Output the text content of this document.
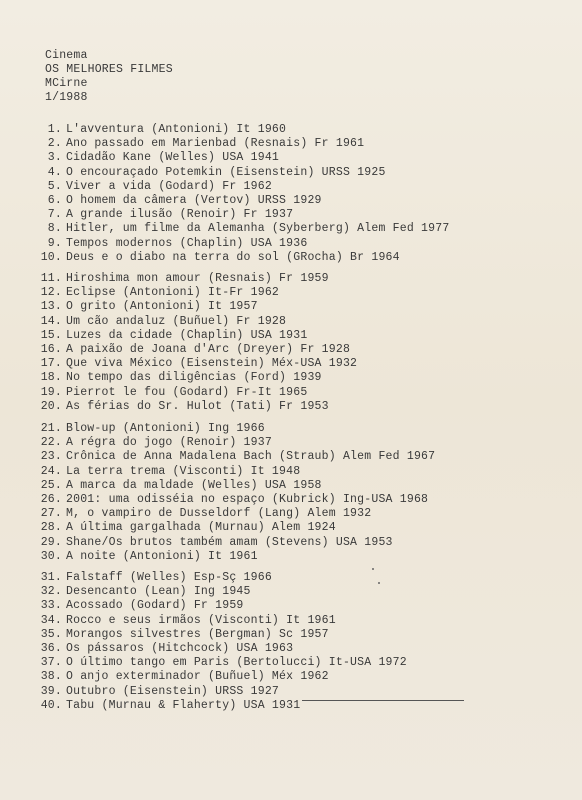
Cinema
OS MELHORES FILMES
MCirne
1/1988
1. L'avventura (Antonioni) It 1960
2. Ano passado em Marienbad (Resnais) Fr 1961
3. Cidadão Kane (Welles) USA 1941
4. O encouraçado Potemkin (Eisenstein) URSS 1925
5. Viver a vida (Godard) Fr 1962
6. O homem da câmera (Vertov) URSS 1929
7. A grande ilusão (Renoir) Fr 1937
8. Hitler, um filme da Alemanha (Syberberg) Alem Fed 1977
9. Tempos modernos (Chaplin) USA 1936
10. Deus e o diabo na terra do sol (GRocha) Br 1964
11. Hiroshima mon amour (Resnais) Fr 1959
12. Eclipse (Antonioni) It-Fr 1962
13. O grito (Antonioni) It 1957
14. Um cão andaluz (Buñuel) Fr 1928
15. Luzes da cidade (Chaplin) USA 1931
16. A paixão de Joana d'Arc (Dreyer) Fr 1928
17. Que viva México (Eisenstein) Méx-USA 1932
18. No tempo das diligências (Ford) 1939
19. Pierrot le fou (Godard) Fr-It 1965
20. As férias do Sr. Hulot (Tati) Fr 1953
21. Blow-up (Antonioni) Ing 1966
22. A régra do jogo (Renoir) 1937
23. Crônica de Anna Madalena Bach (Straub) Alem Fed 1967
24. La terra trema (Visconti) It 1948
25. A marca da maldade (Welles) USA 1958
26. 2001: uma odisséia no espaço (Kubrick) Ing-USA 1968
27. M, o vampiro de Dusseldorf (Lang) Alem 1932
28. A última gargalhada (Murnau) Alem 1924
29. Shane/Os brutos também amam (Stevens) USA 1953
30. A noite (Antonioni) It 1961
31. Falstaff (Welles) Esp-Sç 1966
32. Desencanto (Lean) Ing 1945
33. Acossado (Godard) Fr 1959
34. Rocco e seus irmãos (Visconti) It 1961
35. Morangos silvestres (Bergman) Sc 1957
36. Os pássaros (Hitchcock) USA 1963
37. O último tango em Paris (Bertolucci) It-USA 1972
38. O anjo exterminador (Buñuel) Méx 1962
39. Outubro (Eisenstein) URSS 1927
40. Tabu (Murnau & Flaherty) USA 1931
